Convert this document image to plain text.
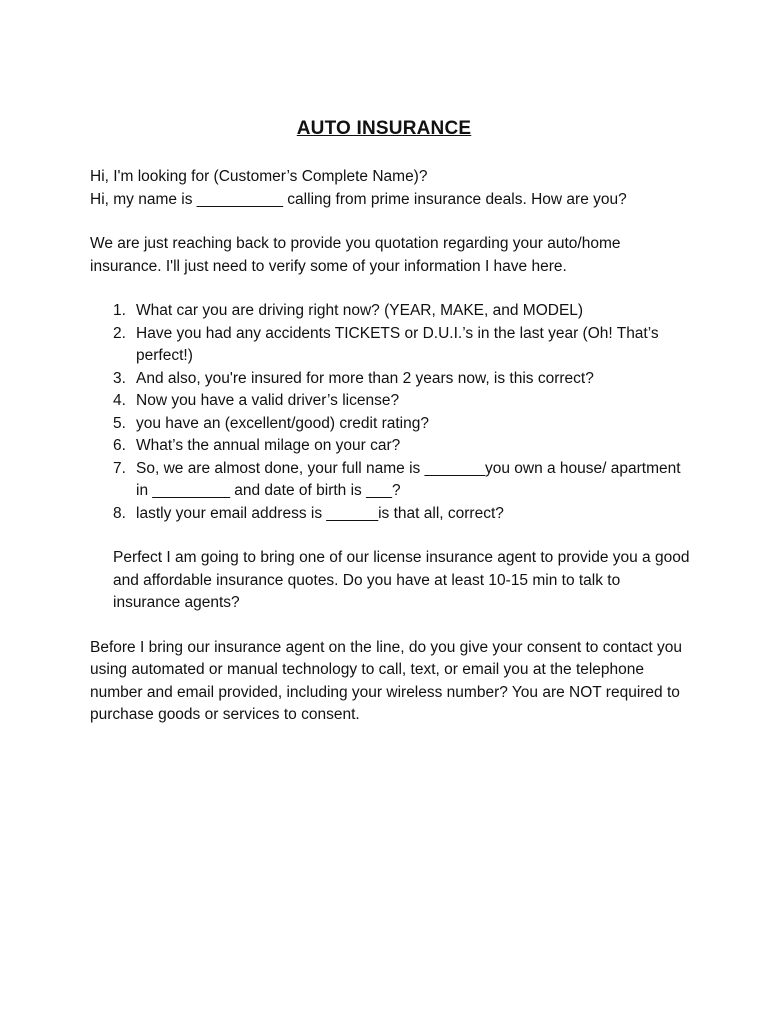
AUTO INSURANCE

Hi, I'm looking for (Customer’s Complete Name)?

Hi, my name is __________ calling from prime insurance deals. How are you?

We are just reaching back to provide you quotation regarding your auto/home insurance. I'll just need to verify some of your information I have here.

1. What car you are driving right now? (YEAR, MAKE, and MODEL)
2. Have you had any accidents TICKETS or D.U.I.’s in the last year (Oh! That’s perfect!)
3. And also, you're insured for more than 2 years now, is this correct?
4. Now you have a valid driver’s license?
5. you have an (excellent/good) credit rating?
6. What’s the annual milage on your car?
7. So, we are almost done, your full name is _______you own a house/ apartment in _________ and date of birth is ___?
8. lastly your email address is ______is that all, correct?

Perfect I am going to bring one of our license insurance agent to provide you a good and affordable insurance quotes. Do you have at least 10-15 min to talk to insurance agents?

Before I bring our insurance agent on the line, do you give your consent to contact you using automated or manual technology to call, text, or email you at the telephone number and email provided, including your wireless number? You are NOT required to purchase goods or services to consent.
